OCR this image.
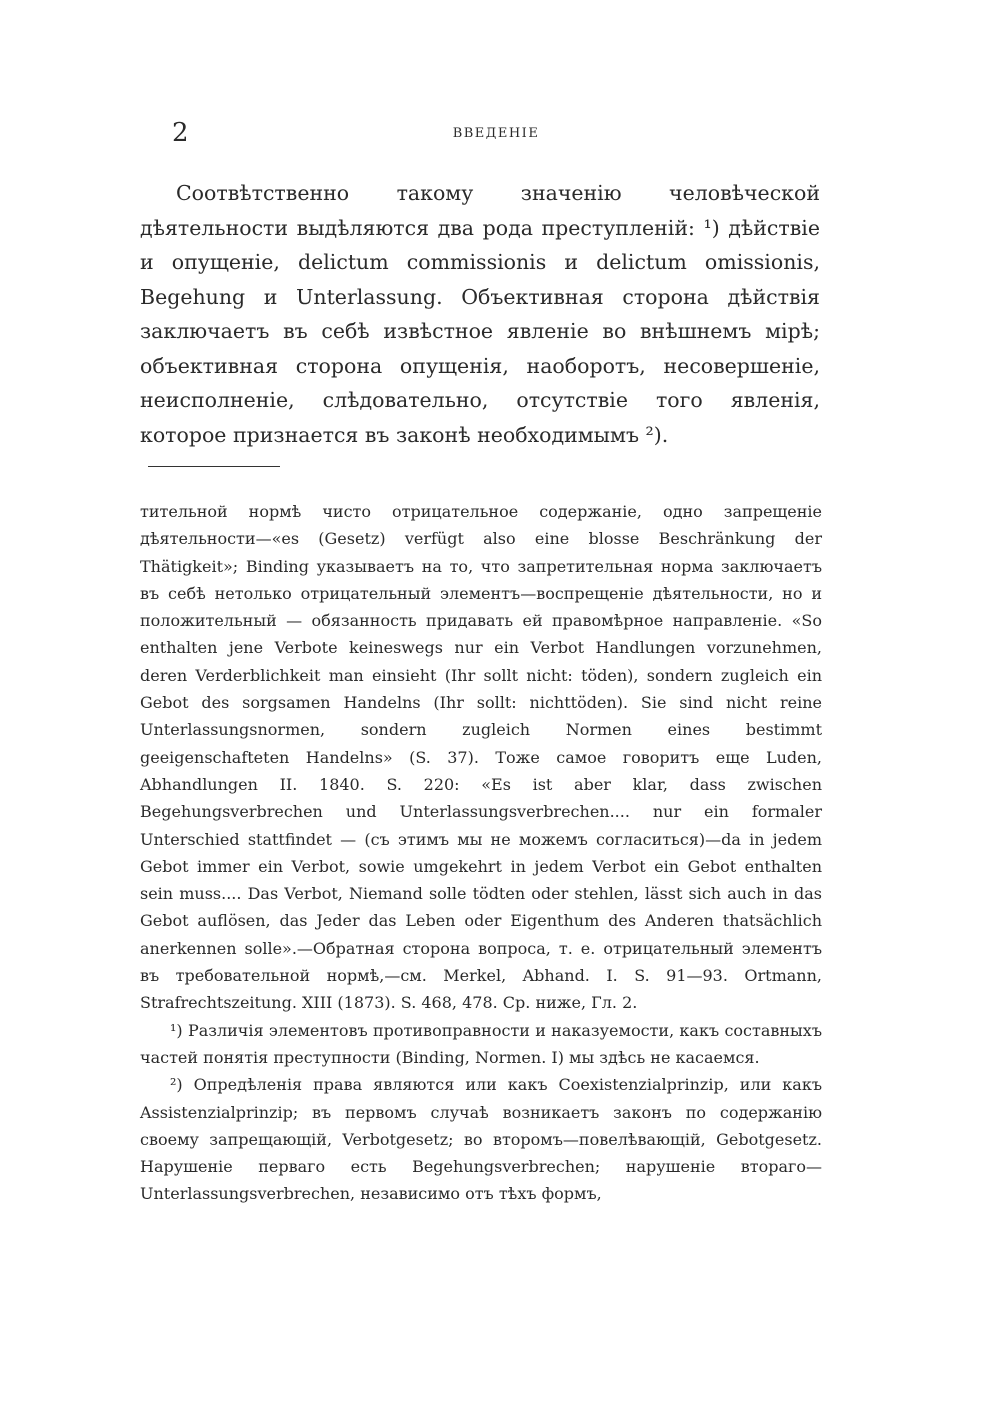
2	ВВЕДЕНIЕ

Соотвѣтственно такому значенію человѣческой дѣятельности выдѣляются два рода преступленій: ¹) дѣйствіе и опущеніе, delictum commissionis и delictum omissionis, Begehung и Unterlassung. Объективная сторона дѣйствія заключаетъ въ себѣ извѣстное явленіе во внѣшнемъ мірѣ; объективная сторона опущенія, наоборотъ, несовершеніе, неисполненіе, слѣдовательно, отсутствіе того явленія, которое признается въ законѣ необходимымъ ²).

тительной нормѣ чисто отрицательное содержаніе, одно запрещеніе дѣятельности—«es (Gesetz) verfügt also eine blosse Beschränkung der Thätigkeit»; Binding указываетъ на то, что запретительная норма заключаетъ въ себѣ нетолько отрицательный элементъ—воспрещеніе дѣятельности, но и положительный — обязанность придавать ей правомѣрное направленіе. «So enthalten jene Verbote keineswegs nur ein Verbot Handlungen vorzunehmen, deren Verderblichkeit man einsieht (Ihr sollt nicht: töden), sondern zugleich ein Gebot des sorgsamen Handelns (Ihr sollt: nichttöden). Sie sind nicht reine Unterlassungsnormen, sondern zugleich Normen eines bestimmt geeigenschafteten Handelns» (S. 37). Тоже самое говоритъ еще Luden, Abhandlungen II. 1840. S. 220: «Es ist aber klar, dass zwischen Begehungsverbrechen und Unterlassungsverbrechen.... nur ein formaler Unterschied stattfindet — (съ этимъ мы не можемъ согласиться)—da in jedem Gebot immer ein Verbot, sowie umgekehrt in jedem Verbot ein Gebot enthalten sein muss.... Das Verbot, Niemand solle tödten oder stehlen, lässt sich auch in das Gebot auflösen, das Jeder das Leben oder Eigenthum des Anderen thatsächlich anerkennen solle».—Обратная сторона вопроса, т. е. отрицательный элементъ въ требовательной нормѣ,—см. Merkel, Abhand. I. S. 91—93. Ortmann, Strafrechtszeitung. XIII (1873). S. 468, 478. Ср. ниже, Гл. 2.

¹) Различія элементовъ противоправности и наказуемости, какъ составныхъ частей понятія преступности (Binding, Normen. I) мы здѣсь не касаемся.

²) Опредѣленія права являются или какъ Coexistenzialprinzip, или какъ Assistenzialprinzip; въ первомъ случаѣ возникаетъ законъ по содержанію своему запрещающій, Verbotgesetz; во второмъ—повелѣвающій, Gebotgesetz. Нарушеніе перваго есть Begehungsverbrechen; нарушеніе втораго—Unterlassungsverbrechen, независимо отъ тѣхъ формъ,
